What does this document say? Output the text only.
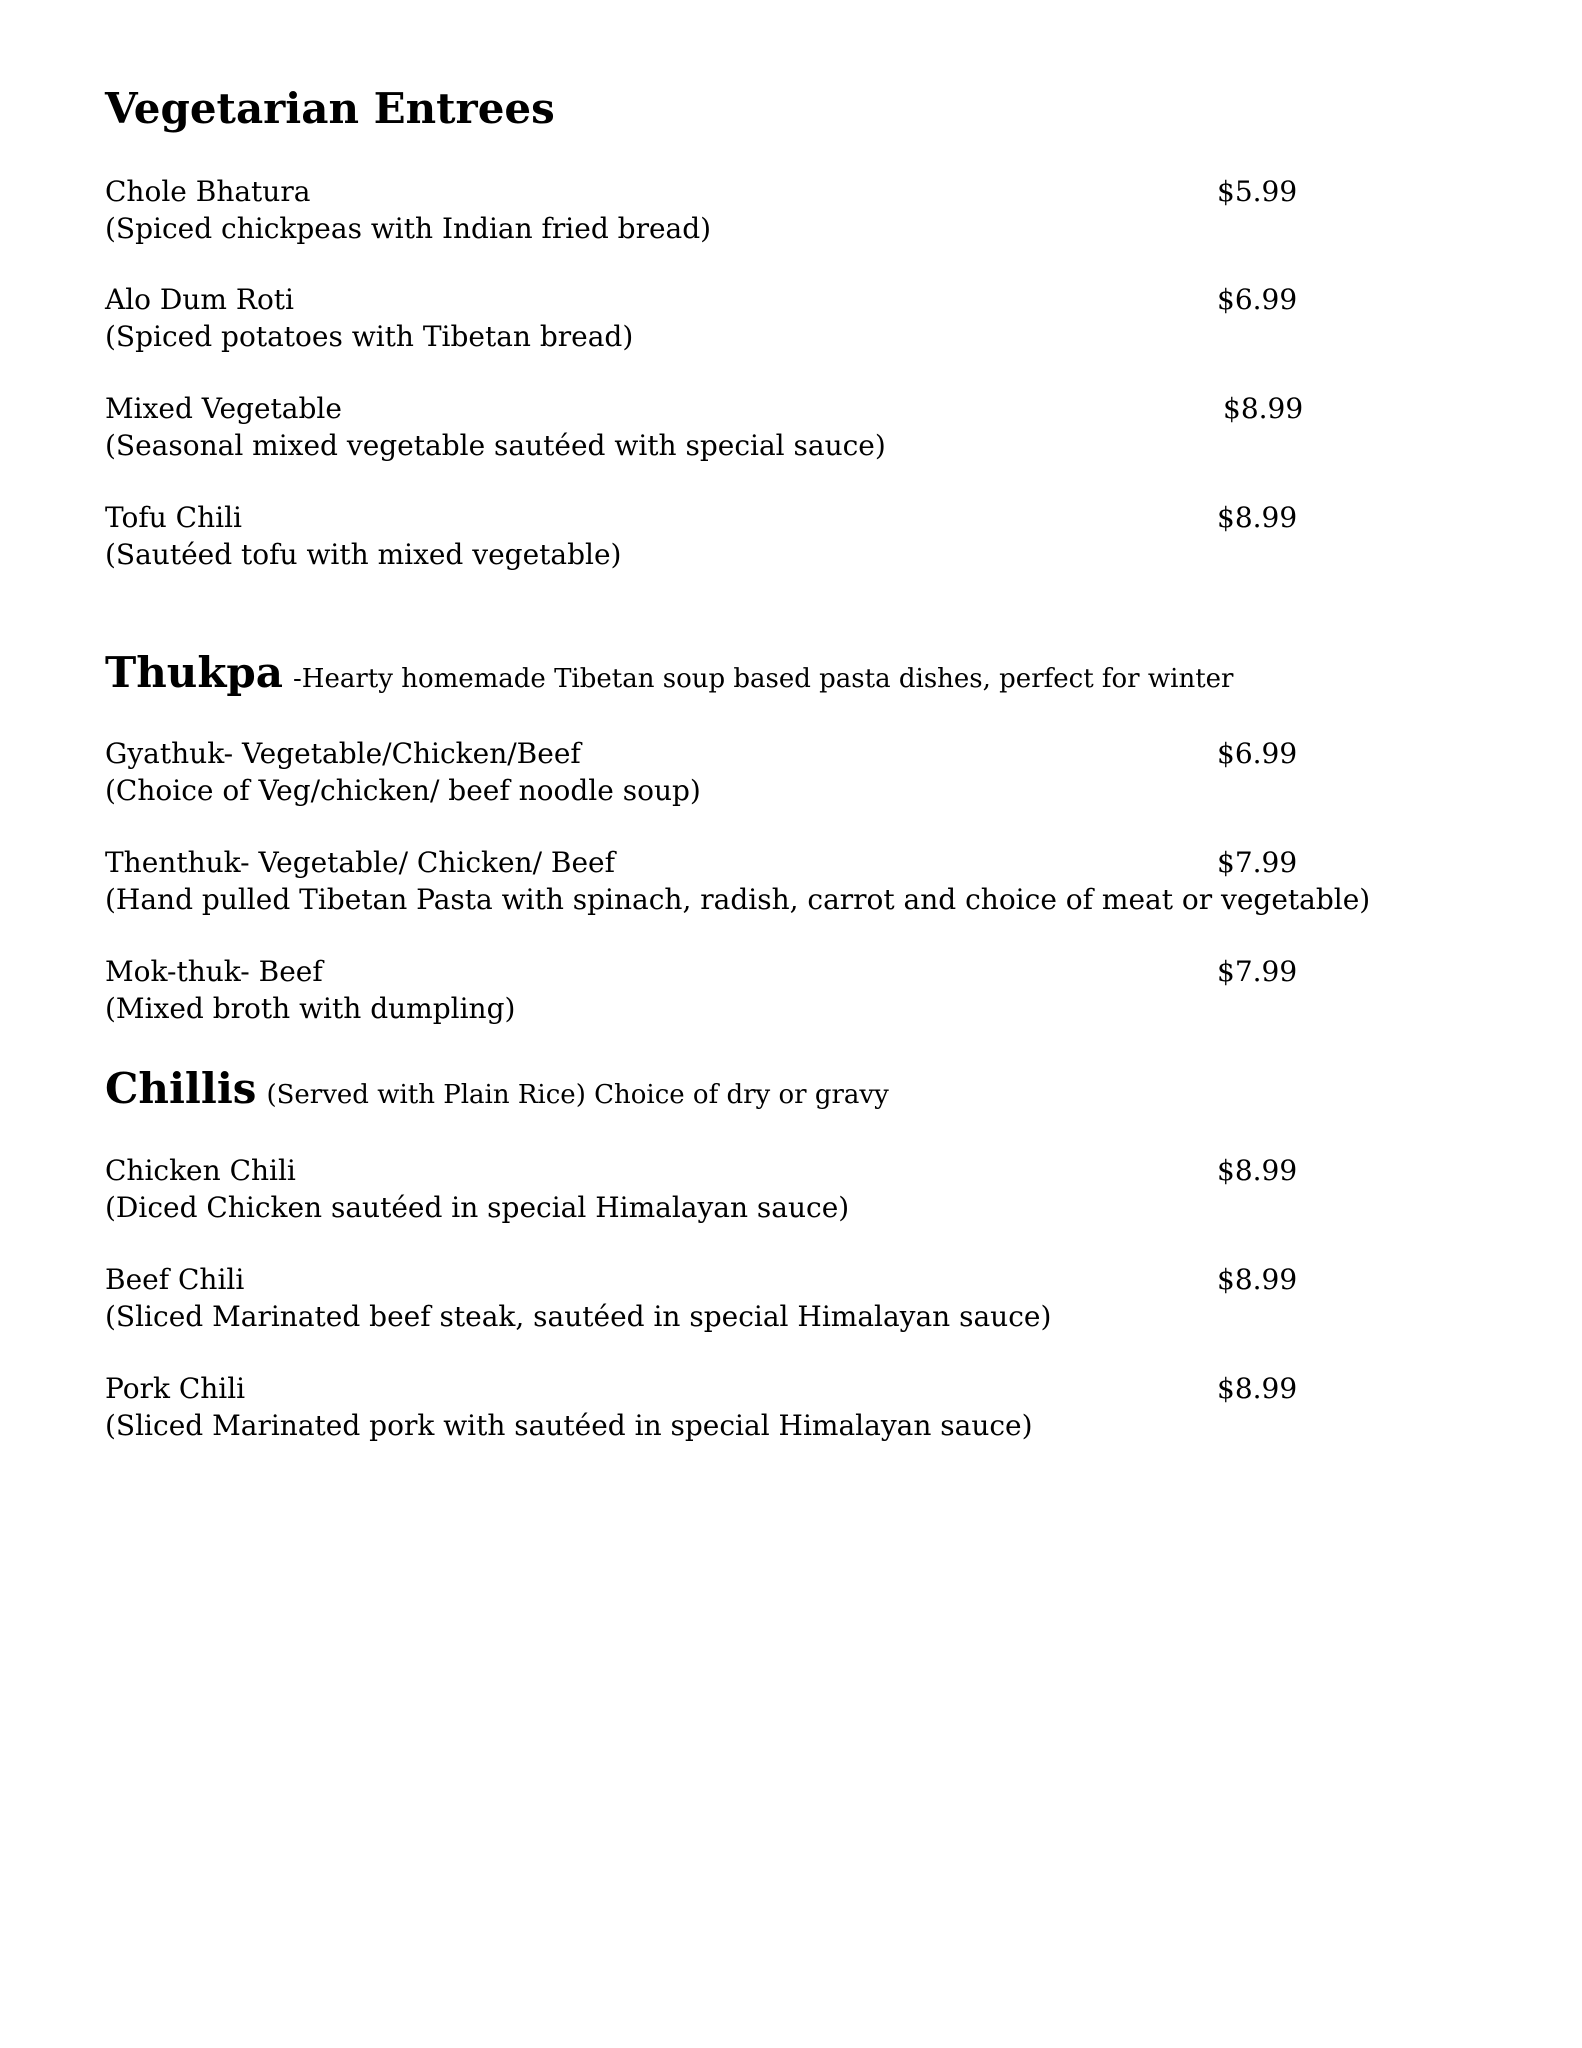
Vegetarian Entrees
Chole Bhatura	$5.99
(Spiced chickpeas with Indian fried bread)
Alo Dum Roti	$6.99
(Spiced potatoes with Tibetan bread)
Mixed Vegetable	$8.99
(Seasonal mixed vegetable sautéed with special sauce)
Tofu Chili	$8.99
(Sautéed tofu with mixed vegetable)
Thukpa -Hearty homemade Tibetan soup based pasta dishes, perfect for winter
Gyathuk- Vegetable/Chicken/Beef	$6.99
(Choice of Veg/chicken/ beef noodle soup)
Thenthuk- Vegetable/ Chicken/ Beef	$7.99
(Hand pulled Tibetan Pasta with spinach, radish, carrot and choice of meat or vegetable)
Mok-thuk- Beef	$7.99
(Mixed broth with dumpling)
Chillis (Served with Plain Rice) Choice of dry or gravy
Chicken Chili	$8.99
(Diced Chicken sautéed in special Himalayan sauce)
Beef Chili	$8.99
(Sliced Marinated beef steak, sautéed in special Himalayan sauce)
Pork Chili	$8.99
(Sliced Marinated pork with sautéed in special Himalayan sauce)
